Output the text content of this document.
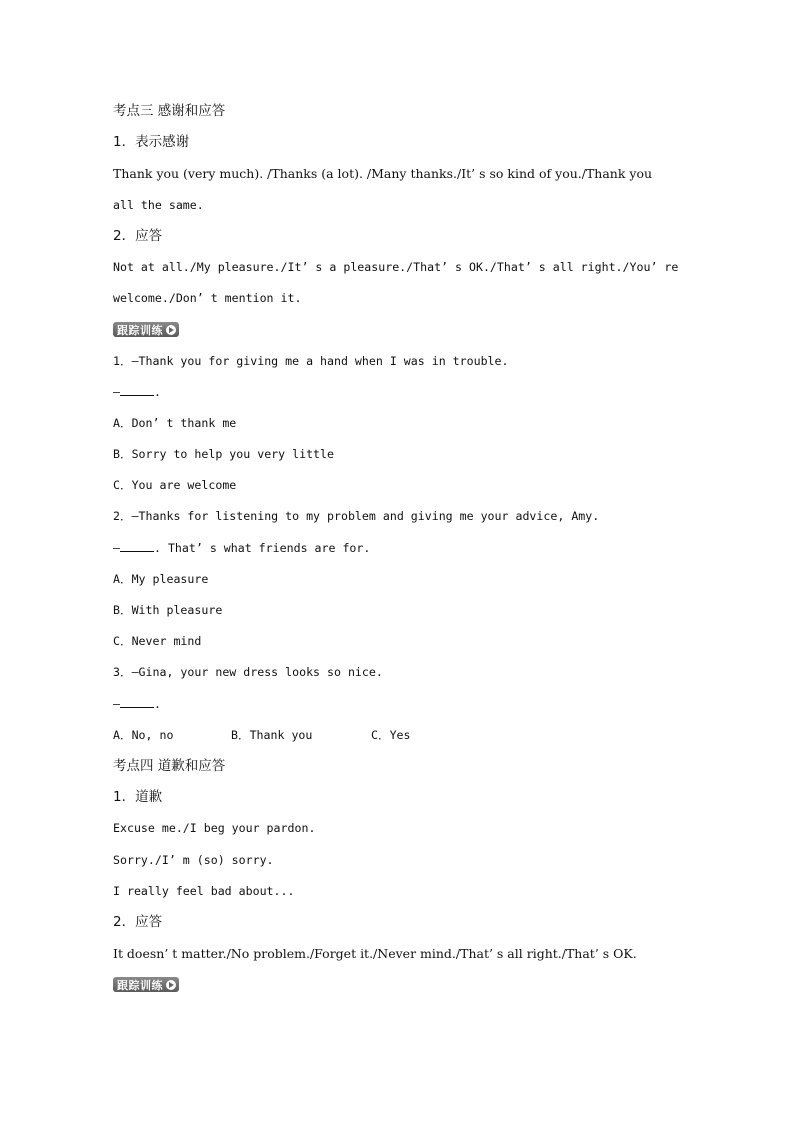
考点三 感谢和应答
1．表示感谢
Thank you (very much). /Thanks (a lot). /Many thanks./It’ s so kind of you./Thank you
all the same.
2．应答
Not at all./My pleasure./It’ s a pleasure./That’ s OK./That’ s all right./You’ re
welcome./Don’ t mention it.
跟踪训练
1．—Thank you for giving me a hand when I was in trouble.
—	.
A．Don’ t thank me
B．Sorry to help you very little
C．You are welcome
2．—Thanks for listening to my problem and giving me your advice, Amy.
—	. That’ s what friends are for.
A．My pleasure
B．With pleasure
C．Never mind
3．—Gina, your new dress looks so nice.
—	.
A．No, no	B．Thank you	C．Yes
考点四 道歉和应答
1．道歉
Excuse me./I beg your pardon.
Sorry./I’ m (so) sorry.
I really feel bad about...
2．应答
It doesn’ t matter./No problem./Forget it./Never mind./That’ s all right./That’ s OK.
跟踪训练
